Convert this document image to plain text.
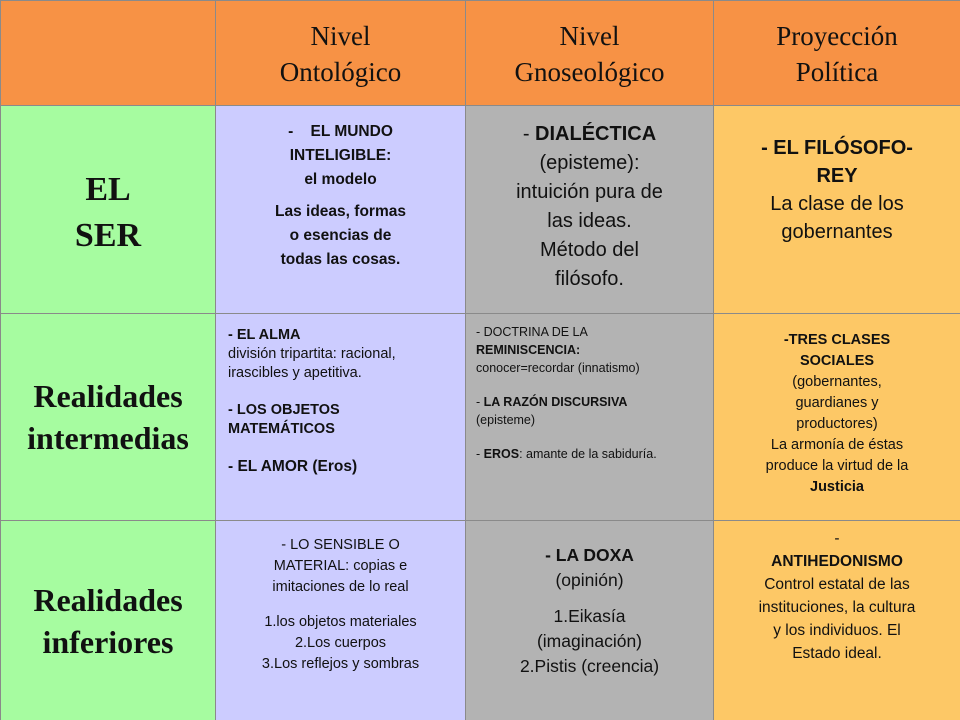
Nivel
Ontológico
Nivel
Gnoseológico
Proyección
Política
EL
SER
-    EL MUNDO
INTELIGIBLE:
el modelo
Las ideas, formas
o esencias de
todas las cosas.
- DIALÉCTICA
(episteme):
intuición pura de
las ideas.
Método del
filósofo.
- EL FILÓSOFO-
REY
La clase de los
gobernantes
Realidades
intermedias
- EL ALMA
división tripartita: racional, irascibles y apetitiva.
- LOS OBJETOS
MATEMÁTICOS
- EL AMOR (Eros)
- DOCTRINA DE LA
REMINISCENCIA:
conocer=recordar (innatismo)
- LA RAZÓN DISCURSIVA
(episteme)
- EROS: amante de la sabiduría.
-TRES CLASES
SOCIALES
(gobernantes,
guardianes y
productores)
La armonía de éstas
produce la virtud de la
Justicia
Realidades
inferiores
- LO SENSIBLE O
MATERIAL: copias e
imitaciones de lo real
1.los objetos materiales
2.Los cuerpos
3.Los reflejos y sombras
- LA DOXA
(opinión)
1.Eikasía
(imaginación)
2.Pistis (creencia)
-
ANTIHEDONISMO
Control estatal de las
instituciones, la cultura
y los individuos. El
Estado ideal.
